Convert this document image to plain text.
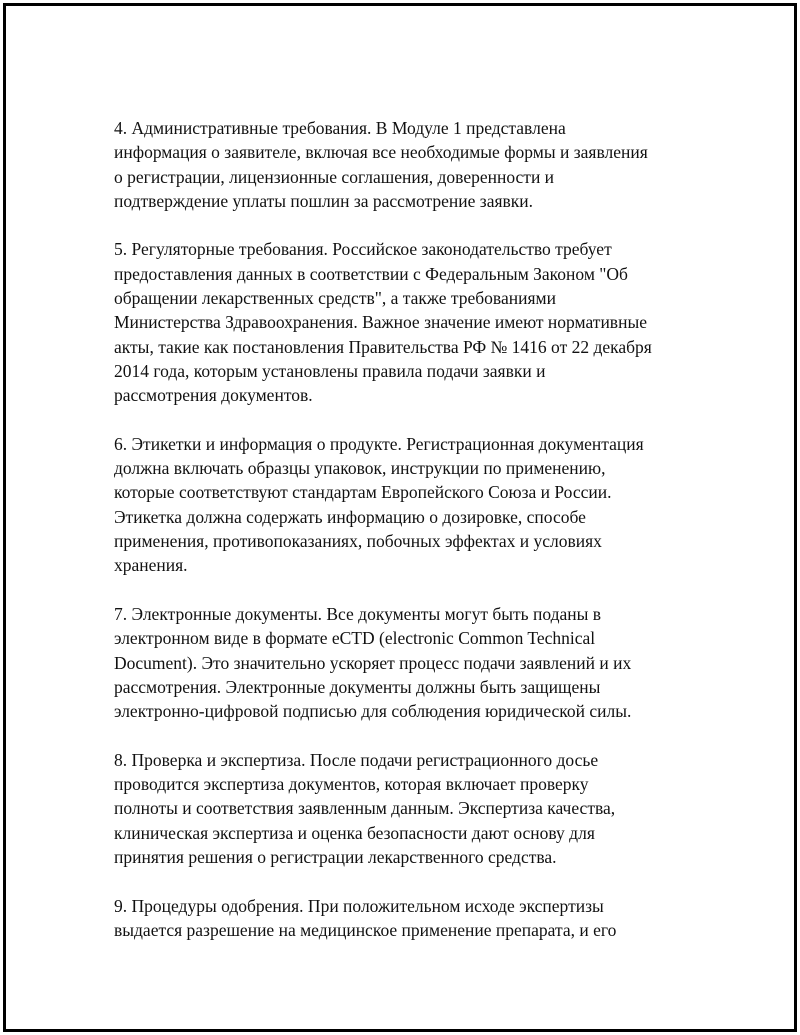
4. Административные требования. В Модуле 1 представлена
информация о заявителе, включая все необходимые формы и заявления
о регистрации, лицензионные соглашения, доверенности и
подтверждение уплаты пошлин за рассмотрение заявки.

5. Регуляторные требования. Российское законодательство требует
предоставления данных в соответствии с Федеральным Законом "Об
обращении лекарственных средств", а также требованиями
Министерства Здравоохранения. Важное значение имеют нормативные
акты, такие как постановления Правительства РФ № 1416 от 22 декабря
2014 года, которым установлены правила подачи заявки и
рассмотрения документов.

6. Этикетки и информация о продукте. Регистрационная документация
должна включать образцы упаковок, инструкции по применению,
которые соответствуют стандартам Европейского Союза и России.
Этикетка должна содержать информацию о дозировке, способе
применения, противопоказаниях, побочных эффектах и условиях
хранения.

7. Электронные документы. Все документы могут быть поданы в
электронном виде в формате eCTD (electronic Common Technical
Document). Это значительно ускоряет процесс подачи заявлений и их
рассмотрения. Электронные документы должны быть защищены
электронно-цифровой подписью для соблюдения юридической силы.

8. Проверка и экспертиза. После подачи регистрационного досье
проводится экспертиза документов, которая включает проверку
полноты и соответствия заявленным данным. Экспертиза качества,
клиническая экспертиза и оценка безопасности дают основу для
принятия решения о регистрации лекарственного средства.

9. Процедуры одобрения. При положительном исходе экспертизы
выдается разрешение на медицинское применение препарата, и его
